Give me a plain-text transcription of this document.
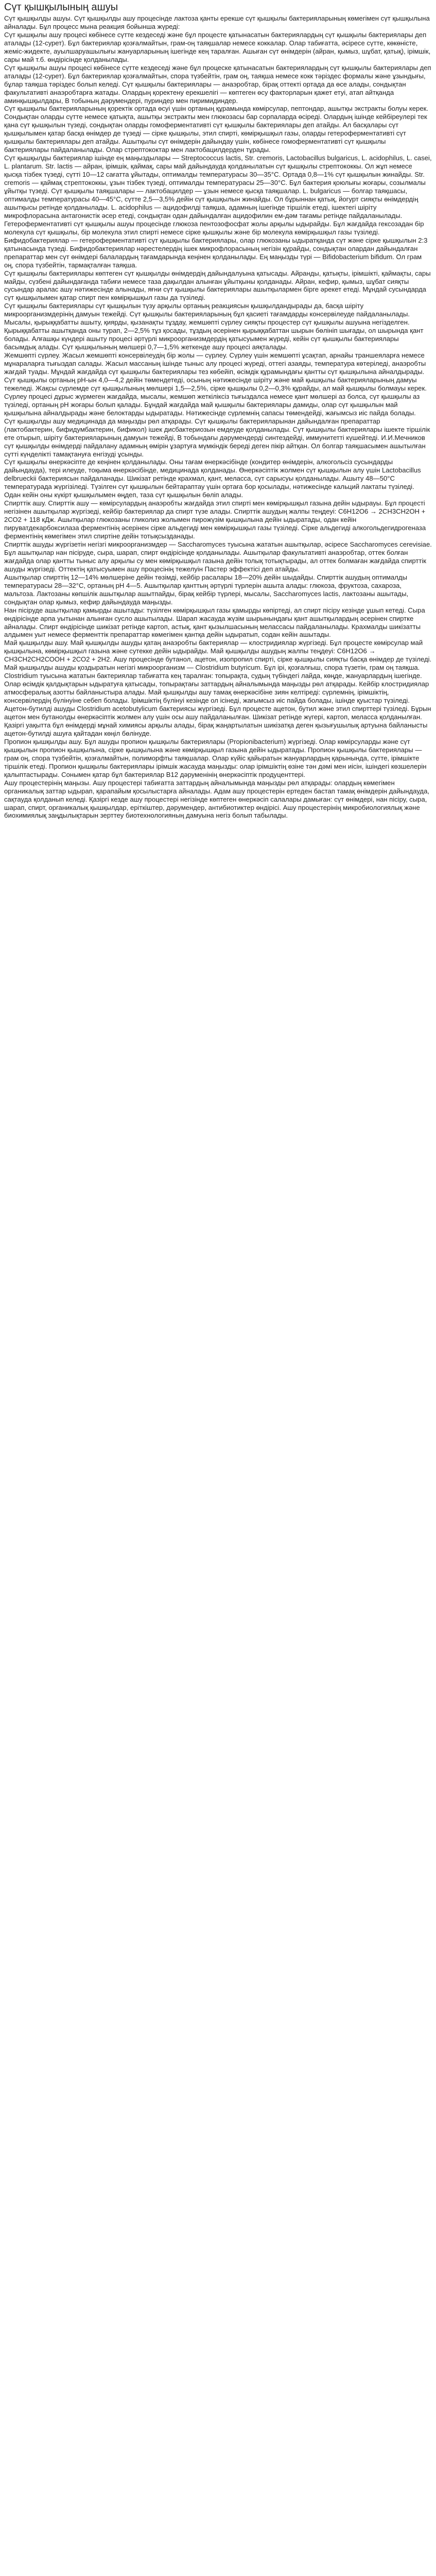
Сүт қышқылының ашуы

Сүт қышқылды ашуы. Сүт қышқылды ашу процесінде лактоза қанты ерекше сүт қышқылы бактерияларының көмегімен сүт қышқылына айналады. Бұл процесс мына реакция бойынша жүреді:

Сүт қышқылы ашу процесі көбінесе сүтте кездеседі және бұл процесте қатынасатын бактериялардың сүт қышқылы бактериялары деп аталады (12-сурет). Бұл бактериялар қозғалмайтын, грам-оң таяқшалар немесе коккалар. Олар табиғатта, әсіресе сүтте, көкөністе, жеміс-жидекте, ауылшаруашылығы жануарларының ішегінде кең таралған. Ашыған сүт өнімдерін (айран, қымыз, шұбат, қатық), ірімшік, сары май т.б. өндірісінде қолданылады.

Сүт қышқылы ашуы процесі көбінесе сүтте кездеседі және бұл процеске қатынасатын бактериялардың сүт қышқылы бактериялары деп аталады (12-сурет). Бұл бактериялар қозғалмайтын, спора түзбейтін, грам оң, таяқша немесе кокк тәріздес формалы және ұзындығы, бұлар таяқша тәріздес болып келеді. Сүт қышқылы бактериялары — анаэробтар, бірақ оттекті ортада да өсе алады, сондықтан факультативті анаэробтарға жатады. Олардың қоректену ерекшелігі — көптеген өсу факторларын қажет етуі, атап айтқанда аминқышқылдары, В тобының дәрумендері, пуриндер мен пиримидиндер.

Сүт қышқылы бактерияларының қоректік ортада өсуі үшін ортаның құрамында көмірсулар, пептондар, ашытқы экстракты болуы керек. Сондықтан оларды сүтте немесе қатықта, ашытқы экстракты мен глюкозасы бар сорпаларда өсіреді. Олардың ішінде кейбіреулері тек қана сүт қышқылын түзеді, сондықтан оларды гомоферментативті сүт қышқылы бактериялары деп атайды. Ал басқалары сүт қышқылымен қатар басқа өнімдер де түзеді — сірке қышқылы, этил спирті, көмірқышқыл газы, оларды гетероферментативті сүт қышқылы бактериялары деп атайды. Ашытқылы сүт өнімдерін дайындау үшін, көбінесе гомоферментативті сүт қышқылы бактериялары пайдаланылады. Олар стрептококтар мен лактобацилдерден тұрады.

Сүт қышқылды бактериялар ішінде ең маңыздылары — Streptococcus lactis, Str. cremoris, Lactobacillus bulgaricus, L. acidophilus, L. casei, L. plantarum. Str. lactis — айран, ірімшік, қаймақ, сары май дайындауда қолданылатын сүт қышқылы стрептококкы. Ол жұп немесе қысқа тізбек түзеді, сүтті 10—12 сағатта ұйытады, оптималды температурасы 30—35°С. Ортада 0,8—1% сүт қышқылын жинайды. Str. cremoris — қаймақ стрептококкы, ұзын тізбек түзеді, оптималды температурасы 25—30°С. Бұл бактерия қоюлығы жоғары, созылмалы ұйытқы түзеді. Сүт қышқылы таяқшалары — лактобацилдер — ұзын немесе қысқа таяқшалар. L. bulgaricus — болгар таяқшасы, оптималды температурасы 40—45°С, сүтте 2,5—3,5% дейін сүт қышқылын жинайды. Ол бұрыннан қатық, йогурт сияқты өнімдердің ашытқысы ретінде қолданылады. L. acidophilus — ацидофилді таяқша, адамның ішегінде тіршілік етеді, ішектегі шіріту микрофлорасына антагонистік әсер етеді, сондықтан одан дайындалған ацидофилин ем-дәм тағамы ретінде пайдаланылады.

Гетероферментативті сүт қышқылы ашуы процесінде глюкоза пентозофосфат жолы арқылы ыдырайды. Бұл жағдайда гексозадан бір молекула сүт қышқылы, бір молекула этил спирті немесе сірке қышқылы және бір молекула көмірқышқыл газы түзіледі.

Бифидобактериялар — гетероферментативті сүт қышқылы бактериялары, олар глюкозаны ыдыратқанда сүт және сірке қышқылын 2:3 қатынасында түзеді. Бифидобактериялар нәрестелердің ішек микрофлорасының негізін құрайды, сондықтан олардан дайындалған препараттар мен сүт өнімдері балалардың тағамдарында кеңінен қолданылады. Ең маңызды түрі — Bifidobacterium bifidum. Ол грам оң, спора түзбейтін, тармақталған таяқша.

Сүт қышқылы бактериялары көптеген сүт қышқылды өнімдердің дайындалуына қатысады. Айранды, қатықты, ірімшікті, қаймақты, сары майды, сүзбені дайындағанда табиғи немесе таза дақылдан алынған ұйытқыны қолданады. Айран, кефир, қымыз, шұбат сияқты сусындар аралас ашу нәтижесінде алынады, яғни сүт қышқылы бактериялары ашытқылармен бірге әрекет етеді. Мұндай сусындарда сүт қышқылымен қатар спирт пен көмірқышқыл газы да түзіледі.

Сүт қышқылы бактериялары сүт қышқылын түзу арқылы ортаның реакциясын қышқылдандырады да, басқа шіріту микроорганизмдерінің дамуын тежейді. Сүт қышқылы бактерияларының бұл қасиеті тағамдарды консервілеуде пайдаланылады. Мысалы, қырыққабатты ашыту, қиярды, қызанақты тұздау, жемшөпті сүрлеу сияқты процестер сүт қышқылы ашуына негізделген. Қырыққабатты ашытқанда оны турап, 2—2,5% тұз қосады, тұздың әсерінен қырыққабаттан шырын бөлініп шығады, ол шырында қант болады. Алғашқы күндері ашыту процесі әртүрлі микроорганизмдердің қатысуымен жүреді, кейін сүт қышқылы бактериялары басымдық алады. Сүт қышқылының мөлшері 0,7—1,5% жеткенде ашу процесі аяқталады.

Жемшөпті сүрлеу. Жасыл жемшөпті консервілеудің бір жолы — сүрлеу. Сүрлеу үшін жемшөпті ұсақтап, арнайы траншеяларға немесе мұнараларға тығыздап салады. Жасыл массаның ішінде тыныс алу процесі жүреді, оттегі азаяды, температура көтеріледі, анаэробты жағдай туады. Мұндай жағдайда сүт қышқылы бактериялары тез көбейіп, өсімдік құрамындағы қантты сүт қышқылына айналдырады. Сүт қышқылы ортаның рН-ын 4,0—4,2 дейін төмендетеді, осының нәтижесінде шіріту және май қышқылы бактерияларының дамуы тежеледі. Жақсы сүрлемде сүт қышқылының мөлшері 1,5—2,5%, сірке қышқылы 0,2—0,3% құрайды, ал май қышқылы болмауы керек.

Сүрлеу процесі дұрыс жүрмеген жағдайда, мысалы, жемшөп жеткіліксіз тығыздалса немесе қант мөлшері аз болса, сүт қышқылы аз түзіледі, ортаның рН жоғары болып қалады. Бұндай жағдайда май қышқылы бактериялары дамиды, олар сүт қышқылын май қышқылына айналдырады және белоктарды ыдыратады. Нәтижесінде сүрлемнің сапасы төмендейді, жағымсыз иіс пайда болады.

Сүт қышқылды ашу медицинада да маңызды рөл атқарады. Сүт қышқылы бактерияларынан дайындалған препараттар (лактобактерин, бифидумбактерин, бификол) ішек дисбактериозын емдеуде қолданылады. Сүт қышқылы бактериялары ішекте тіршілік ете отырып, шіріту бактерияларының дамуын тежейді, В тобындағы дәрумендерді синтездейді, иммунитетті күшейтеді. И.И.Мечников сүт қышқылды өнімдерді пайдалану адамның өмірін ұзартуға мүмкіндік береді деген пікір айтқан. Ол болгар таяқшасымен ашытылған сүтті күнделікті тамақтануға енгізуді ұсынды.

Сүт қышқылы өнеркәсіпте де кеңінен қолданылады. Оны тағам өнеркәсібінде (кондитер өнімдерін, алкогольсіз сусындарды дайындауда), тері илеуде, тоқыма өнеркәсібінде, медицинада қолданады. Өнеркәсіптік жолмен сүт қышқылын алу үшін Lactobacillus delbrueckii бактериясын пайдаланады. Шикізат ретінде крахмал, қант, меласса, сүт сарысуы қолданылады. Ашыту 48—50°С температурада жүргізіледі. Түзілген сүт қышқылын бейтараптау үшін ортаға бор қосылады, нәтижесінде кальций лактаты түзіледі. Одан кейін оны күкірт қышқылымен өңдеп, таза сүт қышқылын бөліп алады.

Спирттік ашу. Спирттік ашу — көмірсулардың анаэробты жағдайда этил спирті мен көмірқышқыл газына дейін ыдырауы. Бұл процесті негізінен ашытқылар жүргізеді, кейбір бактериялар да спирт түзе алады. Спирттік ашудың жалпы теңдеуі: С6Н12О6 → 2СН3СН2ОН + 2СО2 + 118 кДж. Ашытқылар глюкозаны гликолиз жолымен пирожүзім қышқылына дейін ыдыратады, одан кейін пируватдекарбоксилаза ферментінің әсерінен сірке альдегиді мен көмірқышқыл газы түзіледі. Сірке альдегиді алкогольдегидрогеназа ферментінің көмегімен этил спиртіне дейін тотықсызданады.

Спирттік ашуды жүргізетін негізгі микроорганизмдер — Saccharomyces туысына жататын ашытқылар, әсіресе Saccharomyces cerevisiae. Бұл ашытқылар нан пісіруде, сыра, шарап, спирт өндірісінде қолданылады. Ашытқылар факультативті анаэробтар, оттек болған жағдайда олар қантты тыныс алу арқылы су мен көмірқышқыл газына дейін толық тотықтырады, ал оттек болмаған жағдайда спирттік ашуды жүргізеді. Оттектің қатысуымен ашу процесінің тежелуін Пастер эффектісі деп атайды.

Ашытқылар спирттің 12—14% мөлшеріне дейін төзімді, кейбір расалары 18—20% дейін шыдайды. Спирттік ашудың оптималды температурасы 28—32°С, ортаның рН 4—5. Ашытқылар қанттың әртүрлі түрлерін ашыта алады: глюкоза, фруктоза, сахароза, мальтоза. Лактозаны көпшілік ашытқылар ашытпайды, бірақ кейбір түрлері, мысалы, Saccharomyces lactis, лактозаны ашытады, сондықтан олар қымыз, кефир дайындауда маңызды.

Нан пісіруде ашытқылар қамырды ашытады: түзілген көмірқышқыл газы қамырды көпіртеді, ал спирт пісіру кезінде ұшып кетеді. Сыра өндірісінде арпа уытынан алынған сусло ашытылады. Шарап жасауда жүзім шырынындағы қант ашытқылардың әсерінен спиртке айналады. Спирт өндірісінде шикізат ретінде картоп, астық, қант қызылшасының мелассасы пайдаланылады. Крахмалды шикізатты алдымен уыт немесе ферменттік препараттар көмегімен қантқа дейін ыдыратып, содан кейін ашытады.

Май қышқылды ашу. Май қышқылды ашуды қатаң анаэробты бактериялар — клостридиялар жүргізеді. Бұл процесте көмірсулар май қышқылына, көмірқышқыл газына және сутекке дейін ыдырайды. Май қышқылды ашудың жалпы теңдеуі: С6Н12О6 → СН3СН2СН2СООН + 2СО2 + 2Н2. Ашу процесінде бутанол, ацетон, изопропил спирті, сірке қышқылы сияқты басқа өнімдер де түзіледі. Май қышқылды ашуды қоздыратын негізгі микроорганизм — Clostridium butyricum. Бұл ірі, қозғалғыш, спора түзетін, грам оң таяқша.

Clostridium туысына жататын бактериялар табиғатта кең таралған: топырақта, судың түбіндегі лайда, көңде, жануарлардың ішегінде. Олар өсімдік қалдықтарын ыдыратуға қатысады, топырақтағы заттардың айналымында маңызды рөл атқарады. Кейбір клостридиялар атмосфералық азотты байланыстыра алады. Май қышқылды ашу тамақ өнеркәсібіне зиян келтіреді: сүрлемнің, ірімшіктің, консервілердің бүлінуіне себеп болады. Ірімшіктің бүлінуі кезінде ол ісінеді, жағымсыз иіс пайда болады, ішінде қуыстар түзіледі.

Ацетон-бутилді ашуды Clostridium acetobutylicum бактериясы жүргізеді. Бұл процесте ацетон, бутил және этил спирттері түзіледі. Бұрын ацетон мен бутанолды өнеркәсіптік жолмен алу үшін осы ашу пайдаланылған. Шикізат ретінде жүгері, картоп, меласса қолданылған. Қазіргі уақытта бұл өнімдерді мұнай химиясы арқылы алады, бірақ жаңартылатын шикізатқа деген қызығушылық артуына байланысты ацетон-бутилді ашуға қайтадан көңіл бөлінуде.

Пропион қышқылды ашу. Бұл ашуды пропион қышқылы бактериялары (Propionibacterium) жүргізеді. Олар көмірсуларды және сүт қышқылын пропион қышқылына, сірке қышқылына және көмірқышқыл газына дейін ыдыратады. Пропион қышқылы бактериялары — грам оң, спора түзбейтін, қозғалмайтын, полиморфты таяқшалар. Олар күйіс қайыратын жануарлардың қарынында, сүтте, ірімшікте тіршілік етеді. Пропион қышқылы бактериялары ірімшік жасауда маңызды: олар ірімшіктің өзіне тән дәмі мен иісін, ішіндегі көзшелерін қалыптастырады. Сонымен қатар бұл бактериялар В12 дәруменінің өнеркәсіптік продуценттері.

Ашу процестерінің маңызы. Ашу процестері табиғатта заттардың айналымында маңызды рөл атқарады: олардың көмегімен органикалық заттар ыдырап, қарапайым қосылыстарға айналады. Адам ашу процестерін ертеден бастап тамақ өнімдерін дайындауда, сақтауда қолданып келеді. Қазіргі кезде ашу процестері негізінде көптеген өнеркәсіп салалары дамыған: сүт өнімдері, нан пісіру, сыра, шарап, спирт, органикалық қышқылдар, еріткіштер, дәрумендер, антибиотиктер өндірісі. Ашу процестерінің микробиологиялық және биохимиялық заңдылықтарын зерттеу биотехнологияның дамуына негіз болып табылады.
